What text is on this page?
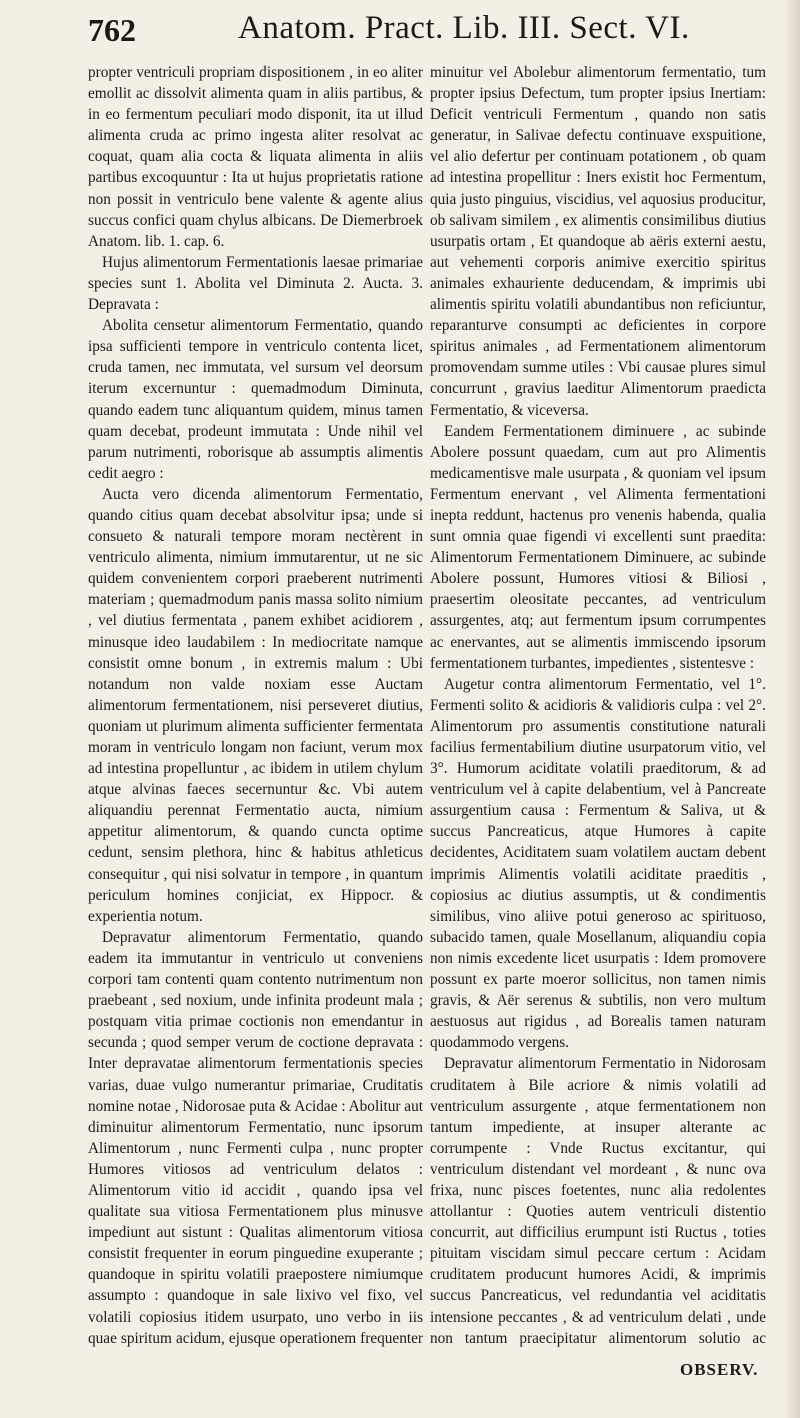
762	Anatom. Pract. Lib. III. Sect. VI.

propter ventriculi propriam dispositionem , in eo aliter emollit ac dissolvit alimenta quam in aliis partibus, & in eo fermentum peculiari modo disponit, ita ut illud alimenta cruda ac primo ingesta aliter resolvat ac coquat, quam alia cocta & liquata alimenta in aliis partibus excoquuntur : Ita ut hujus proprietatis ratione non possit in ventriculo bene valente & agente alius succus confici quam chylus albicans. De Diemerbroek Anatom. lib. 1. cap. 6.

Hujus alimentorum Fermentationis laesae primariae species sunt 1. Abolita vel Diminuta 2. Aucta. 3. Depravata :

Abolita censetur alimentorum Fermentatio, quando ipsa sufficienti tempore in ventriculo contenta licet, cruda tamen, nec immutata, vel sursum vel deorsum iterum excernuntur : quemadmodum Diminuta, quando eadem tunc aliquantum quidem, minus tamen quam decebat, prodeunt immutata : Unde nihil vel parum nutrimenti, roborisque ab assumptis alimentis cedit aegro :

Aucta vero dicenda alimentorum Fermentatio, quando citius quam decebat absolvitur ipsa; unde si consueto & naturali tempore moram nectèrent in ventriculo alimenta, nimium immutarentur, ut ne sic quidem convenientem corpori praeberent nutrimenti materiam ; quemadmodum panis massa solito nimium , vel diutius fermentata , panem exhibet acidiorem , minusque ideo laudabilem : In mediocritate namque consistit omne bonum , in extremis malum : Ubi notandum non valde noxiam esse Auctam alimentorum fermentationem, nisi perseveret diutius, quoniam ut plurimum alimenta sufficienter fermentata moram in ventriculo longam non faciunt, verum mox ad intestina propelluntur , ac ibidem in utilem chylum atque alvinas faeces secernuntur &c. Vbi autem aliquandiu perennat Fermentatio aucta, nimium appetitur alimentorum, & quando cuncta optime cedunt, sensim plethora, hinc & habitus athleticus consequitur , qui nisi solvatur in tempore , in quantum periculum homines conjiciat, ex Hippocr. & experientia notum.

Depravatur alimentorum Fermentatio, quando eadem ita immutantur in ventriculo ut conveniens corpori tam contenti quam contento nutrimentum non praebeant , sed noxium, unde infinita prodeunt mala ; postquam vitia primae coctionis non emendantur in secunda ; quod semper verum de coctione depravata : Inter depravatae alimentorum fermentationis species varias, duae vulgo numerantur primariae, Cruditatis nomine notae , Nidorosae puta & Acidae : Abolitur aut diminuitur alimentorum Fermentatio, nunc ipsorum Alimentorum , nunc Fermenti culpa , nunc propter Humores vitiosos ad ventriculum delatos : Alimentorum vitio id accidit , quando ipsa vel qualitate sua vitiosa Fermentationem plus minusve impediunt aut sistunt : Qualitas alimentorum vitiosa consistit frequenter in eorum pinguedine exuperante ; quandoque in spiritu volatili praepostere nimiumque assumpto : quandoque in sale lixivo vel fixo, vel volatili copiosius itidem usurpato, uno verbo in iis quae spiritum acidum, ejusque operationem frequenter

minuitur vel Abolebur alimentorum fermentatio, tum propter ipsius Defectum, tum propter ipsius Inertiam: Deficit ventriculi Fermentum , quando non satis generatur, in Salivae defectu continuave exspuitione, vel alio defertur per continuam potationem , ob quam ad intestina propellitur : Iners existit hoc Fermentum, quia justo pinguius, viscidius, vel aquosius producitur, ob salivam similem , ex alimentis consimilibus diutius usurpatis ortam , Et quandoque ab aëris externi aestu, aut vehementi corporis animive exercitio spiritus animales exhauriente deducendam, & imprimis ubi alimentis spiritu volatili abundantibus non reficiuntur, reparanturve consumpti ac deficientes in corpore spiritus animales , ad Fermentationem alimentorum promovendam summe utiles : Vbi causae plures simul concurrunt , gravius laeditur Alimentorum praedicta Fermentatio, & viceversa.

Eandem Fermentationem diminuere , ac subinde Abolere possunt quaedam, cum aut pro Alimentis medicamentisve male usurpata , & quoniam vel ipsum Fermentum enervant , vel Alimenta fermentationi inepta reddunt, hactenus pro venenis habenda, qualia sunt omnia quae figendi vi excellenti sunt praedita: Alimentorum Fermentationem Diminuere, ac subinde Abolere possunt, Humores vitiosi & Biliosi , praesertim oleositate peccantes, ad ventriculum assurgentes, atq; aut fermentum ipsum corrumpentes ac enervantes, aut se alimentis immiscendo ipsorum fermentationem turbantes, impedientes , sistentesve :

Augetur contra alimentorum Fermentatio, vel 1°. Fermenti solito & acidioris & validioris culpa : vel 2°. Alimentorum pro assumentis constitutione naturali facilius fermentabilium diutine usurpatorum vitio, vel 3°. Humorum aciditate volatili praeditorum, & ad ventriculum vel à capite delabentium, vel à Pancreate assurgentium causa : Fermentum & Saliva, ut & succus Pancreaticus, atque Humores à capite decidentes, Aciditatem suam volatilem auctam debent imprimis Alimentis volatili aciditate praeditis , copiosius ac diutius assumptis, ut & condimentis similibus, vino aliive potui generoso ac spirituoso, subacido tamen, quale Mosellanum, aliquandiu copia non nimis excedente licet usurpatis : Idem promovere possunt ex parte moeror sollicitus, non tamen nimis gravis, & Aër serenus & subtilis, non vero multum aestuosus aut rigidus , ad Borealis tamen naturam quodammodo vergens.

Depravatur alimentorum Fermentatio in Nidorosam cruditatem à Bile acriore & nimis volatili ad ventriculum assurgente , atque fermentationem non tantum impediente, at insuper alterante ac corrumpente : Vnde Ructus excitantur, qui ventriculum distendant vel mordeant , & nunc ova frixa, nunc pisces foetentes, nunc alia redolentes attollantur : Quoties autem ventriculi distentio concurrit, aut difficilius erumpunt isti Ructus , toties pituitam viscidam simul peccare certum : Acidam cruditatem producunt humores Acidi, & imprimis succus Pancreaticus, vel redundantia vel aciditatis intensione peccantes , & ad ventriculum delati , unde non tantum praecipitatur alimentorum solutio ac

OBSERV.
